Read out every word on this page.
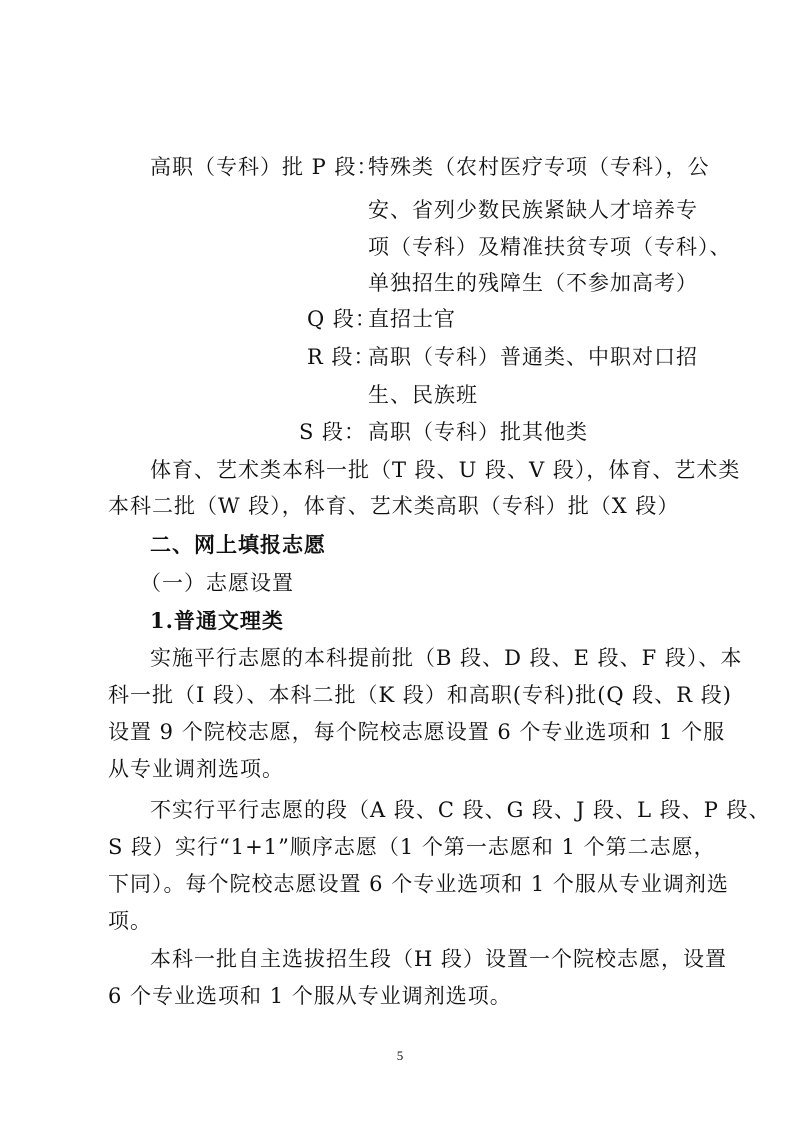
高职（专科）批 P 段：
特殊类（农村医疗专项（专科），公
安、省列少数民族紧缺人才培养专
项（专科）及精准扶贫专项（专科）、
单独招生的残障生（不参加高考）
Q 段：
直招士官
R 段：
高职（专科）普通类、中职对口招
生、民族班
S 段： 高职（专科）批其他类
体育、艺术类本科一批（T 段、U 段、V 段），体育、艺术类
本科二批（W 段），体育、艺术类高职（专科）批（X 段）
二、网上填报志愿
（一）志愿设置
1.普通文理类
实施平行志愿的本科提前批（B 段、D 段、E 段、F 段）、本
科一批（I 段）、本科二批（K 段）和高职(专科)批(Q 段、R 段)
设置 9 个院校志愿，每个院校志愿设置 6 个专业选项和 1 个服
从专业调剂选项。
不实行平行志愿的段（A 段、C 段、G 段、J 段、L 段、P 段、
S 段）实行“1+1”顺序志愿（1 个第一志愿和 1 个第二志愿，
下同）。每个院校志愿设置 6 个专业选项和 1 个服从专业调剂选
项。
本科一批自主选拔招生段（H 段）设置一个院校志愿，设置
6 个专业选项和 1 个服从专业调剂选项。
5
